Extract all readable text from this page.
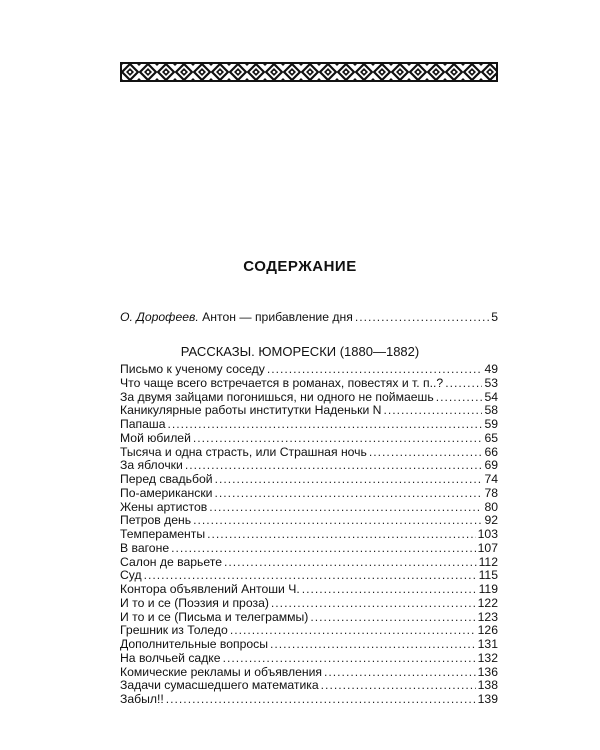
СОДЕРЖАНИЕ
О. Дорофеев. Антон — прибавление дня .....	5
РАССКАЗЫ. ЮМОРЕСКИ (1880—1882)
Письмо к ученому соседу .....	49
Что чаще всего встречается в романах, повестях и т. п..? .....	53
За двумя зайцами погонишься, ни одного не поймаешь .....	54
Каникулярные работы институтки Наденьки N .....	58
Папаша .....	59
Мой юбилей .....	65
Тысяча и одна страсть, или Страшная ночь .....	66
За яблочки .....	69
Перед свадьбой .....	74
По-американски .....	78
Жены артистов .....	80
Петров день .....	92
Темпераменты .....	103
В вагоне .....	107
Салон де варьете .....	112
Суд .....	115
Контора объявлений Антоши Ч. .....	119
И то и се (Поэзия и проза) .....	122
И то и се (Письма и телеграммы) .....	123
Грешник из Толедо .....	126
Дополнительные вопросы .....	131
На волчьей садке .....	132
Комические рекламы и объявления .....	136
Задачи сумасшедшего математика .....	138
Забыл!! .....	139
